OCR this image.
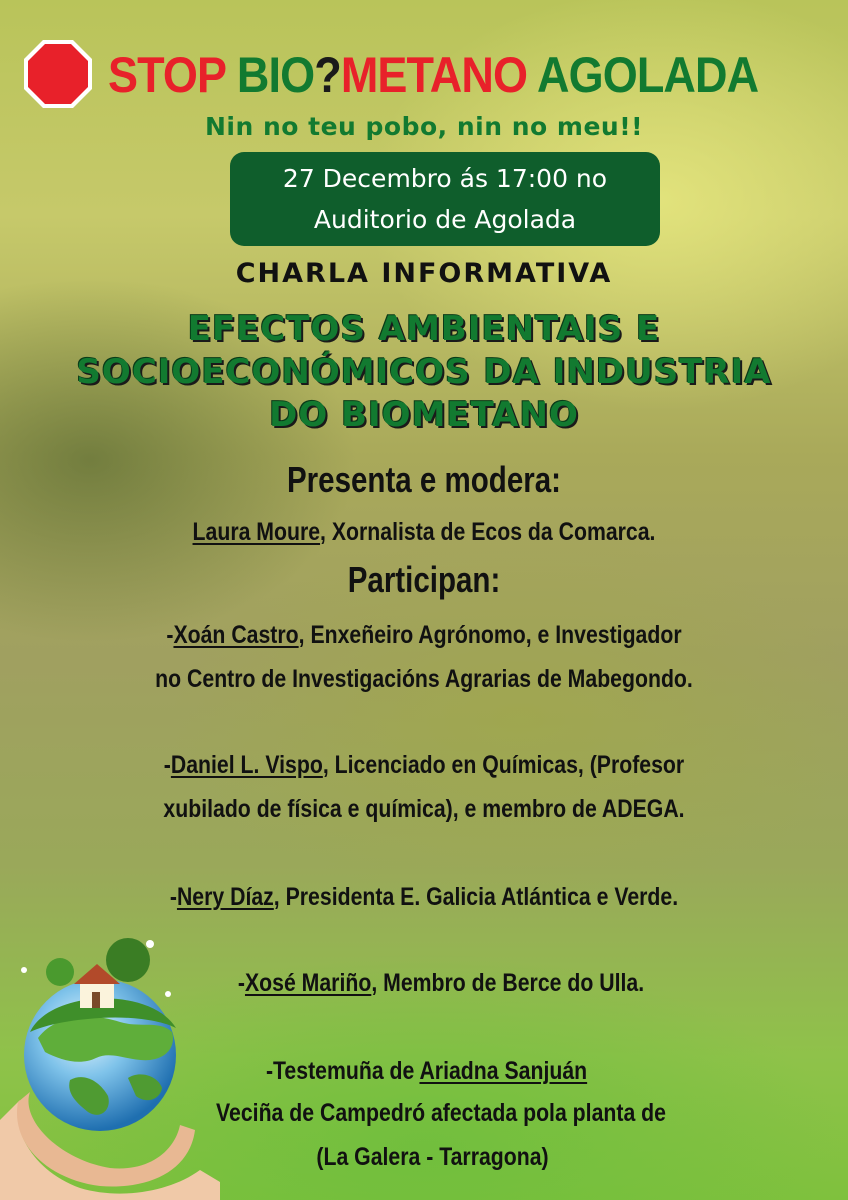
STOP BIO?METANO AGOLADA
Nin no teu pobo, nin no meu!!
27 Decembro ás 17:00 no
Auditorio de Agolada
CHARLA INFORMATIVA
EFECTOS AMBIENTAIS E
SOCIOECONÓMICOS DA INDUSTRIA
DO BIOMETANO
Presenta e modera:
Laura Moure, Xornalista de Ecos da Comarca.
Participan:
-Xoán Castro, Enxeñeiro Agrónomo, e Investigador
no Centro de Investigacións Agrarias de Mabegondo.
-Daniel L. Vispo, Licenciado en Químicas, (Profesor
xubilado de física e química), e membro de ADEGA.
-Nery Díaz, Presidenta E. Galicia Atlántica e Verde.
-Xosé Mariño, Membro de Berce do Ulla.
-Testemuña de Ariadna Sanjuán
Veciña de Campedró afectada pola planta de
(La Galera - Tarragona)
